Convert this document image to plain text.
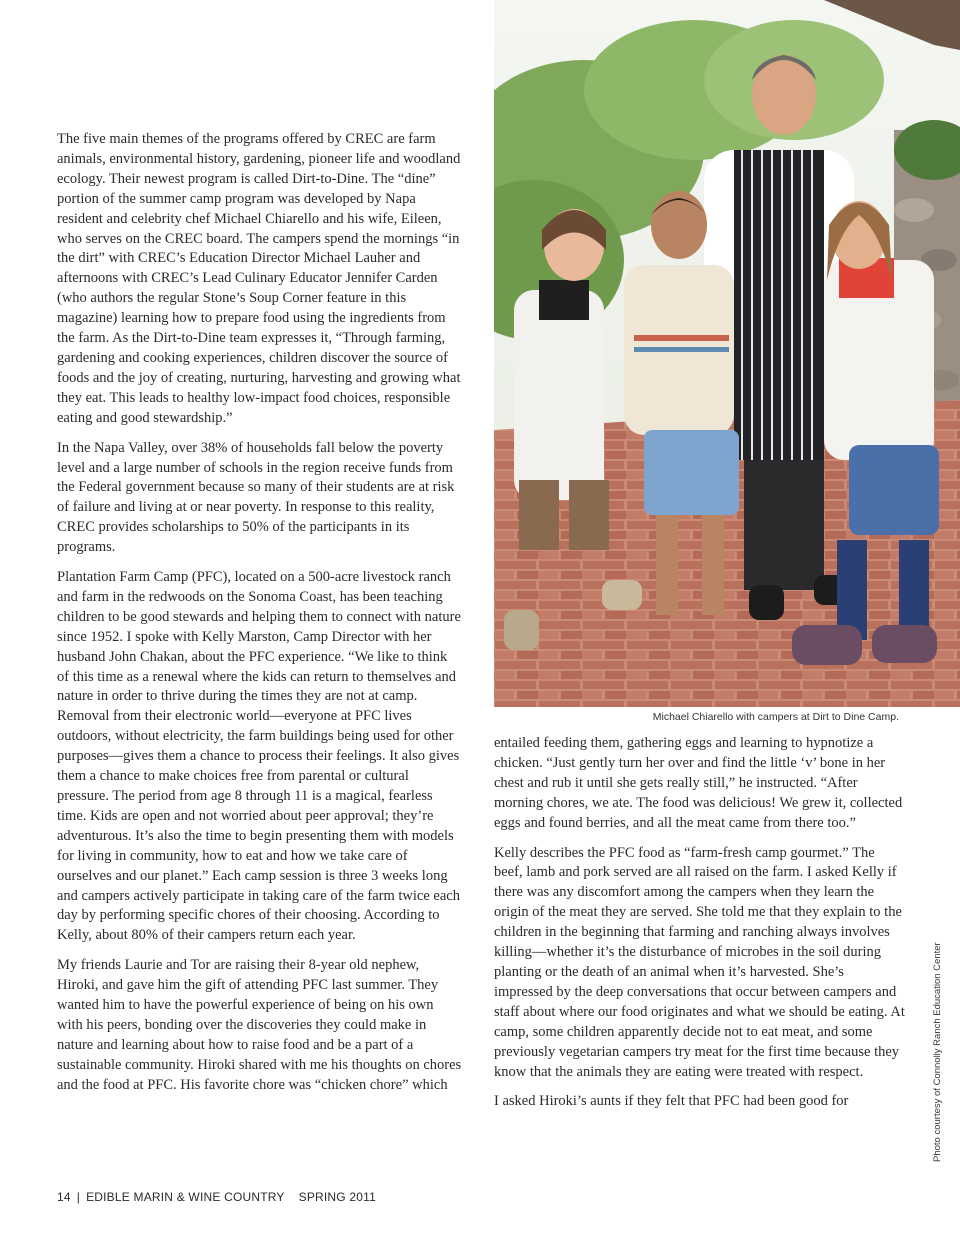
The five main themes of the programs offered by CREC are farm animals, environmental history, gardening, pioneer life and woodland ecology. Their newest program is called Dirt-to-Dine. The “dine” portion of the summer camp program was developed by Napa resident and celebrity chef Michael Chiarello and his wife, Eileen, who serves on the CREC board. The campers spend the mornings “in the dirt” with CREC’s Education Director Michael Lauher and afternoons with CREC’s Lead Culinary Educator Jennifer Carden (who authors the regular Stone’s Soup Corner feature in this magazine) learning how to prepare food using the ingredients from the farm. As the Dirt-to-Dine team expresses it, “Through farming, gardening and cooking experiences, children discover the source of foods and the joy of creating, nurturing, harvesting and growing what they eat. This leads to healthy low-impact food choices, responsible eating and good stewardship.”

In the Napa Valley, over 38% of households fall below the poverty level and a large number of schools in the region receive funds from the Federal government because so many of their students are at risk of failure and living at or near poverty. In response to this reality, CREC provides scholarships to 50% of the participants in its programs.

Plantation Farm Camp (PFC), located on a 500-acre livestock ranch and farm in the redwoods on the Sonoma Coast, has been teaching children to be good stewards and helping them to connect with nature since 1952. I spoke with Kelly Marston, Camp Director with her husband John Chakan, about the PFC experience. “We like to think of this time as a renewal where the kids can return to themselves and nature in order to thrive during the times they are not at camp. Removal from their electronic world—everyone at PFC lives outdoors, without electricity, the farm buildings being used for other purposes—gives them a chance to process their feelings. It also gives them a chance to make choices free from parental or cultural pressure. The period from age 8 through 11 is a magical, fearless time. Kids are open and not worried about peer approval; they’re adventurous. It’s also the time to begin presenting them with models for living in community, how to eat and how we take care of ourselves and our planet.” Each camp session is three 3 weeks long and campers actively participate in taking care of the farm twice each day by performing specific chores of their choosing. According to Kelly, about 80% of their campers return each year.

My friends Laurie and Tor are raising their 8-year old nephew, Hiroki, and gave him the gift of attending PFC last summer. They wanted him to have the powerful experience of being on his own with his peers, bonding over the discoveries they could make in nature and learning about how to raise food and be a part of a sustainable community. Hiroki shared with me his thoughts on chores and the food at PFC. His favorite chore was “chicken chore” which

Michael Chiarello with campers at Dirt to Dine Camp.
Photo courtesy of Connolly Ranch Education Center

entailed feeding them, gathering eggs and learning to hypnotize a chicken. “Just gently turn her over and find the little ‘v’ bone in her chest and rub it until she gets really still,” he instructed. “After morning chores, we ate. The food was delicious! We grew it, collected eggs and found berries, and all the meat came from there too.”

Kelly describes the PFC food as “farm-fresh camp gourmet.” The beef, lamb and pork served are all raised on the farm. I asked Kelly if there was any discomfort among the campers when they learn the origin of the meat they are served. She told me that they explain to the children in the beginning that farming and ranching always involves killing—whether it’s the disturbance of microbes in the soil during planting or the death of an animal when it’s harvested. She’s impressed by the deep conversations that occur between campers and staff about where our food originates and what we should be eating. At camp, some children apparently decide not to eat meat, and some previously vegetarian campers try meat for the first time because they know that the animals they are eating were treated with respect.

I asked Hiroki’s aunts if they felt that PFC had been good for

14 | EDIBLE MARIN & WINE COUNTRY SPRING 2011
